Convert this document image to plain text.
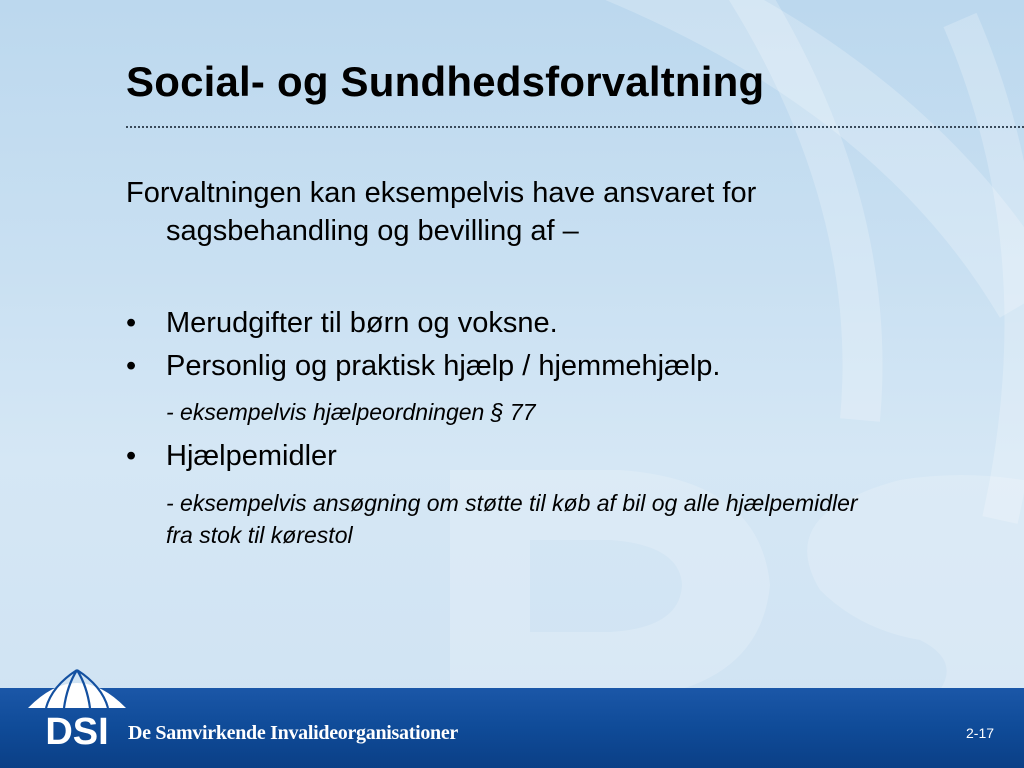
Social- og Sundhedsforvaltning

Forvaltningen kan eksempelvis have ansvaret for sagsbehandling og bevilling af –

• Merudgifter til børn og voksne.

• Personlig og praktisk hjælp / hjemmehjælp.

- eksempelvis hjælpeordningen § 77

• Hjælpemidler

- eksempelvis ansøgning om støtte til køb af bil og alle hjælpemidler fra stok til kørestol

DSI De Samvirkende Invalideorganisationer	2-17
